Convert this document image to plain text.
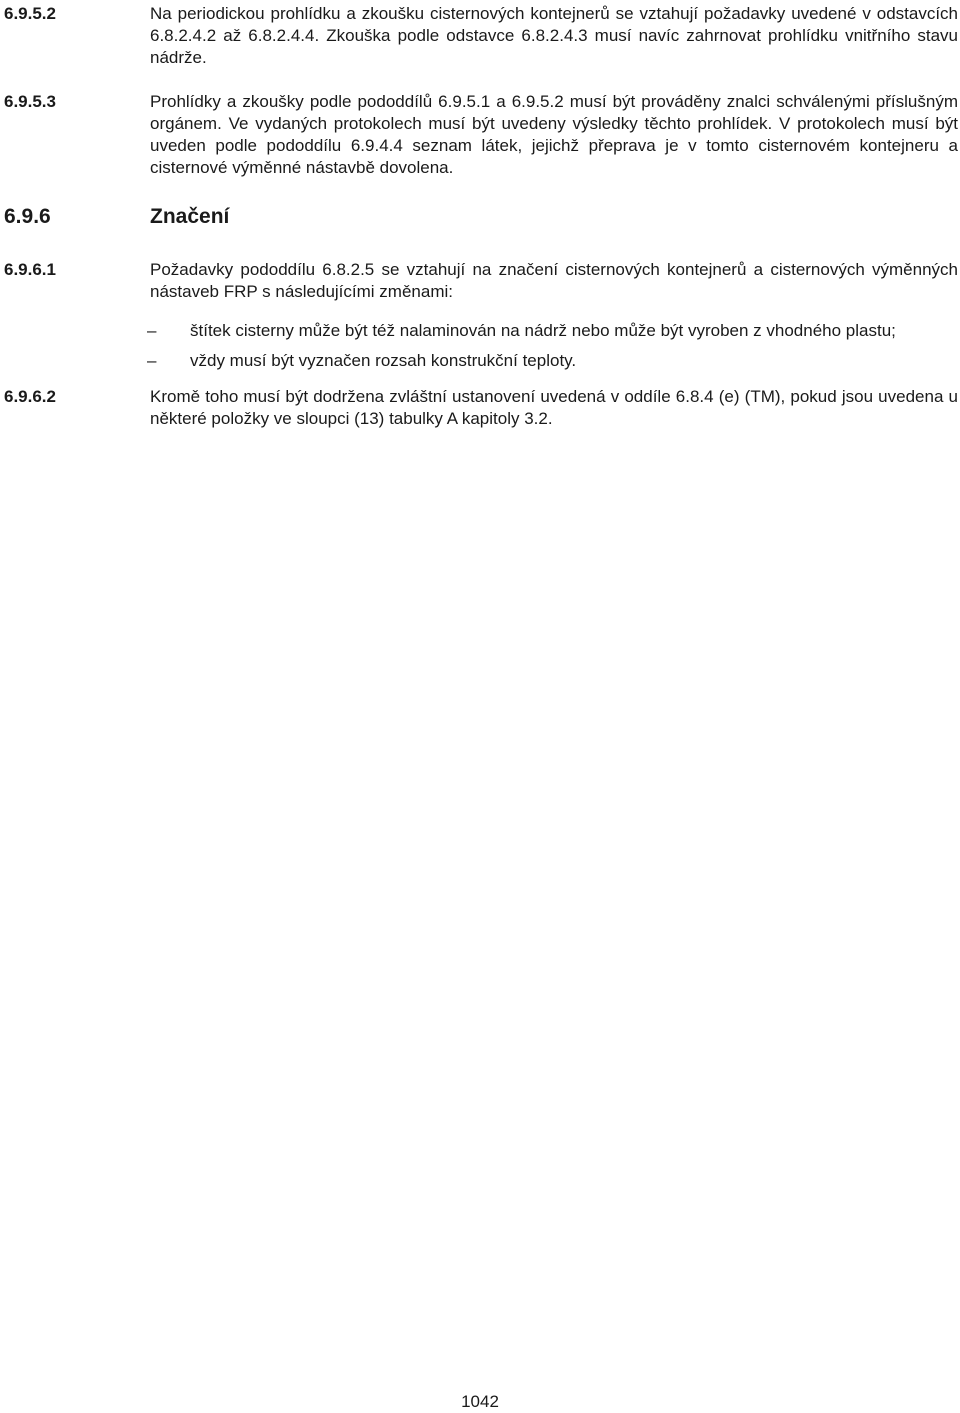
6.9.5.2	Na periodickou prohlídku a zkoušku cisternových kontejnerů se vztahují požadavky uvedené v odstavcích 6.8.2.4.2 až 6.8.2.4.4. Zkouška podle odstavce 6.8.2.4.3 musí navíc zahrnovat prohlídku vnitřního stavu nádrže.
6.9.5.3	Prohlídky a zkoušky podle pododdílů 6.9.5.1 a 6.9.5.2 musí být prováděny znalci schválenými příslušným orgánem. Ve vydaných protokolech musí být uvedeny výsledky těchto prohlídek. V protokolech musí být uveden podle pododdílu 6.9.4.4 seznam látek, jejichž přeprava je v tomto cisternovém kontejneru a cisternové výměnné nástavbě dovolena.
6.9.6	Značení
6.9.6.1	Požadavky pododdílu 6.8.2.5 se vztahují na značení cisternových kontejnerů a cisternových výměnných nástaveb FRP s následujícími změnami:
–	štítek cisterny může být též nalaminován na nádrž nebo může být vyroben z vhodného plastu;
–	vždy musí být vyznačen rozsah konstrukční teploty.
6.9.6.2	Kromě toho musí být dodržena zvláštní ustanovení uvedená v oddíle 6.8.4 (e) (TM), pokud jsou uvedena u některé položky ve sloupci (13) tabulky A kapitoly 3.2.
1042
